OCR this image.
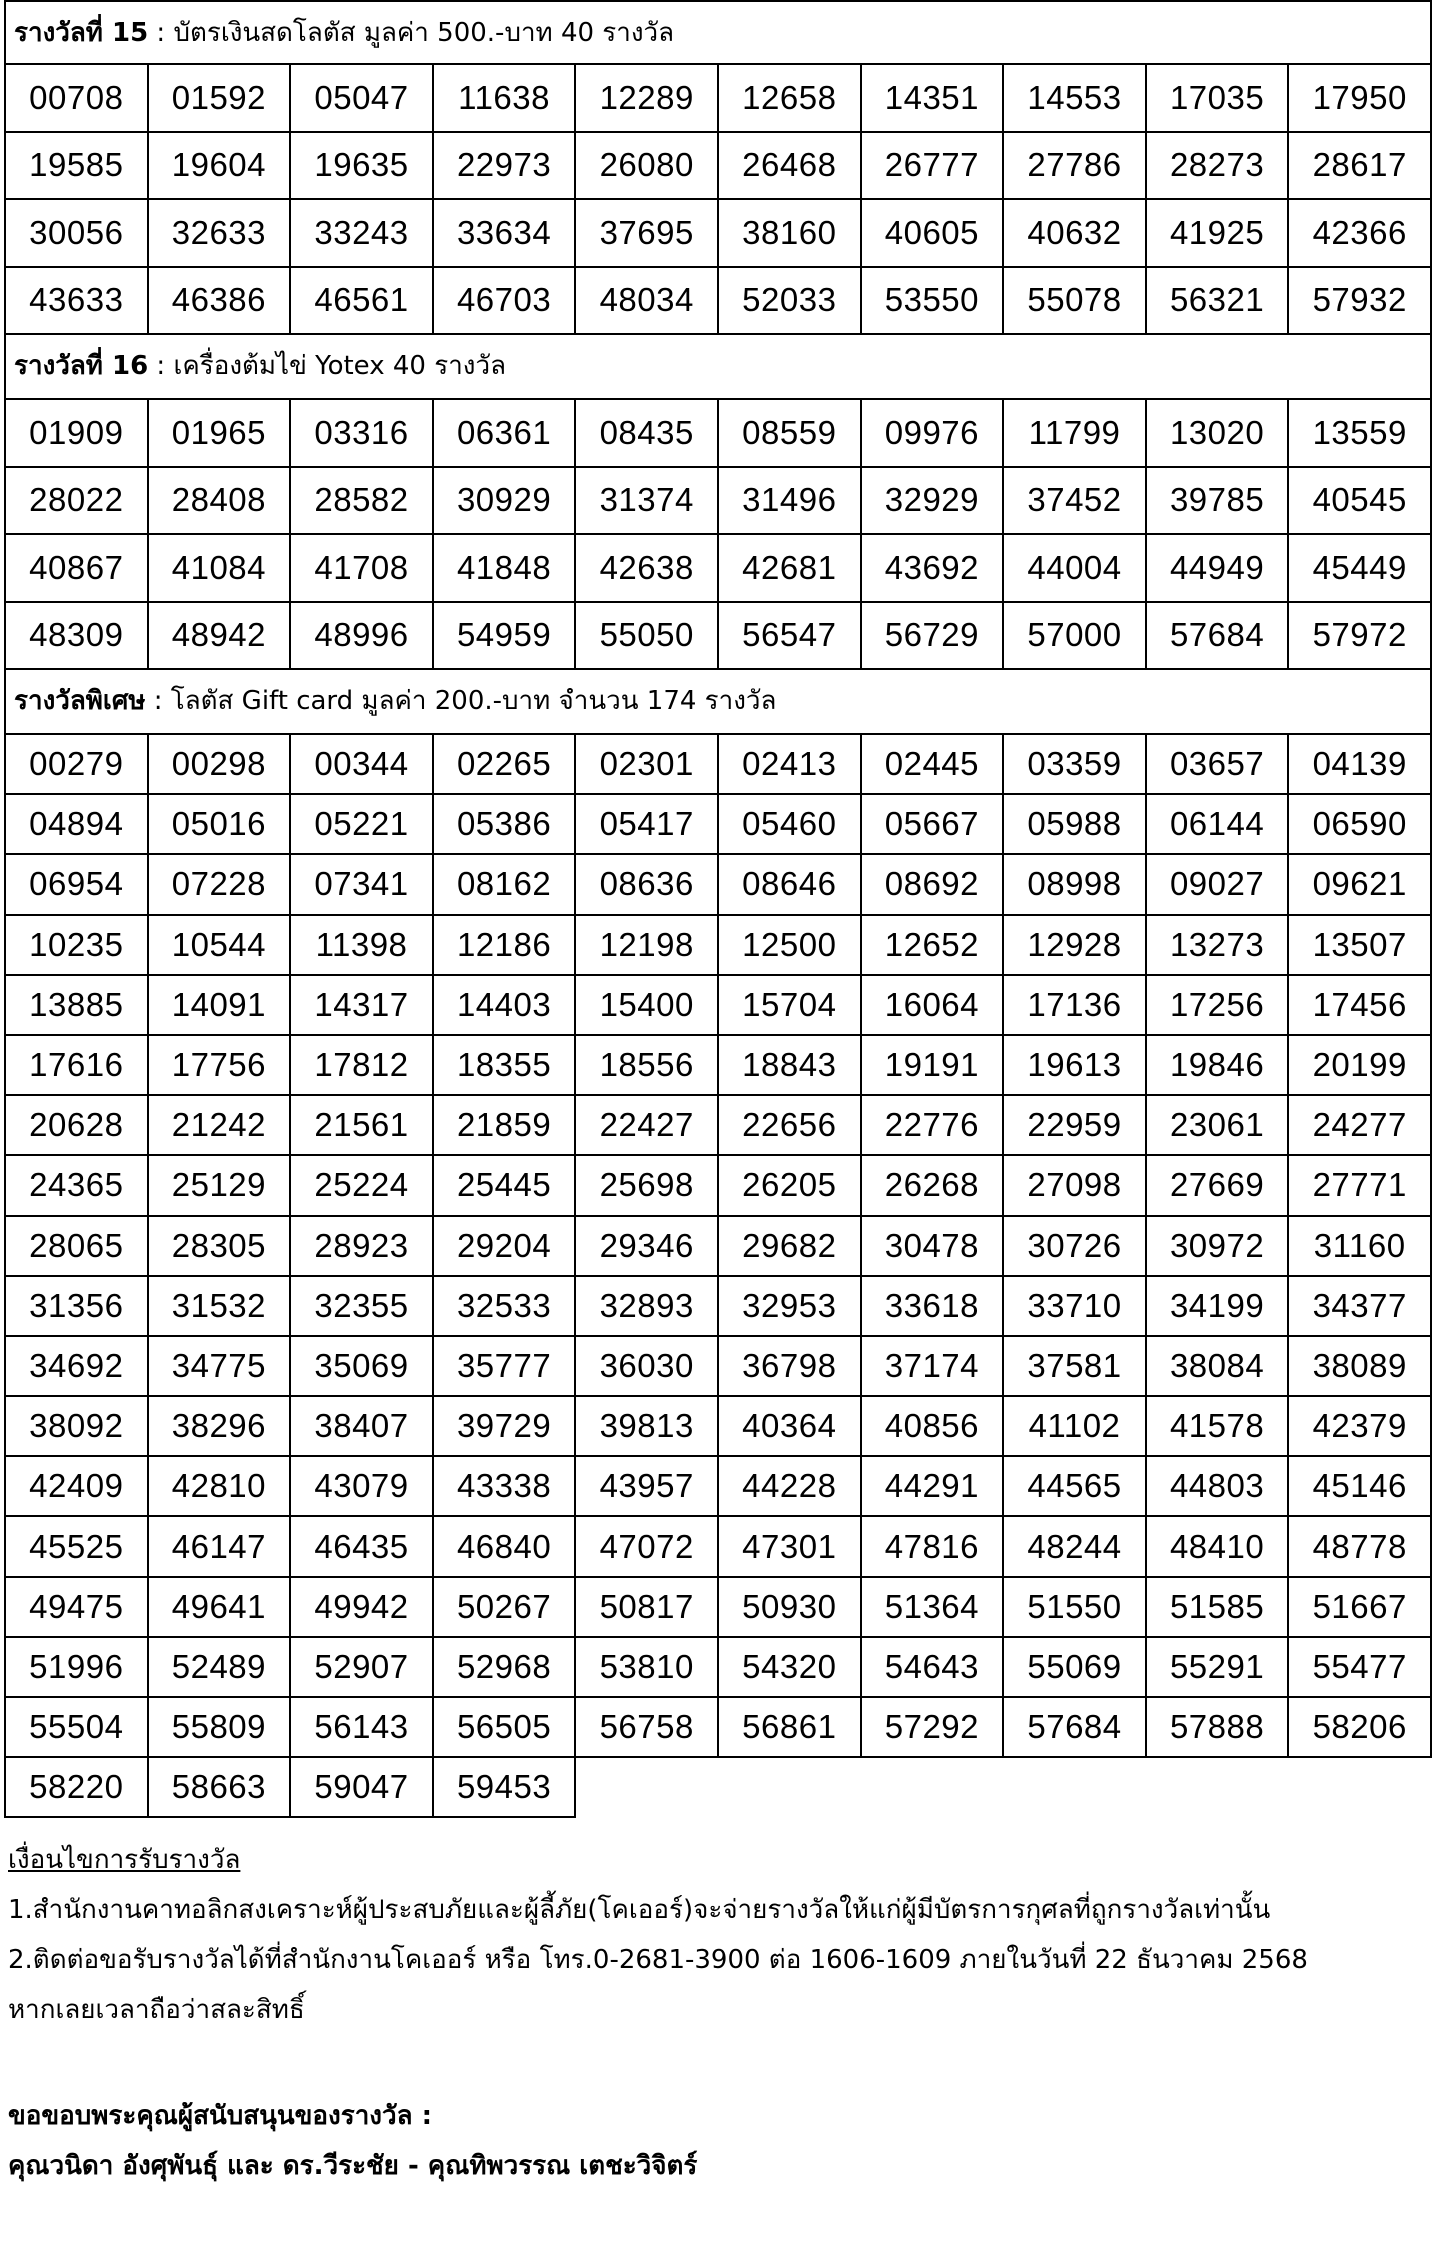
รางวัลที่ 15 : บัตรเงินสดโลตัส มูลค่า 500.-บาท 40 รางวัล
00708	01592	05047	11638	12289	12658	14351	14553	17035	17950
19585	19604	19635	22973	26080	26468	26777	27786	28273	28617
30056	32633	33243	33634	37695	38160	40605	40632	41925	42366
43633	46386	46561	46703	48034	52033	53550	55078	56321	57932
รางวัลที่ 16 : เครื่องต้มไข่ Yotex 40 รางวัล
01909	01965	03316	06361	08435	08559	09976	11799	13020	13559
28022	28408	28582	30929	31374	31496	32929	37452	39785	40545
40867	41084	41708	41848	42638	42681	43692	44004	44949	45449
48309	48942	48996	54959	55050	56547	56729	57000	57684	57972
รางวัลพิเศษ : โลตัส Gift card มูลค่า 200.-บาท จำนวน 174 รางวัล
00279	00298	00344	02265	02301	02413	02445	03359	03657	04139
04894	05016	05221	05386	05417	05460	05667	05988	06144	06590
06954	07228	07341	08162	08636	08646	08692	08998	09027	09621
10235	10544	11398	12186	12198	12500	12652	12928	13273	13507
13885	14091	14317	14403	15400	15704	16064	17136	17256	17456
17616	17756	17812	18355	18556	18843	19191	19613	19846	20199
20628	21242	21561	21859	22427	22656	22776	22959	23061	24277
24365	25129	25224	25445	25698	26205	26268	27098	27669	27771
28065	28305	28923	29204	29346	29682	30478	30726	30972	31160
31356	31532	32355	32533	32893	32953	33618	33710	34199	34377
34692	34775	35069	35777	36030	36798	37174	37581	38084	38089
38092	38296	38407	39729	39813	40364	40856	41102	41578	42379
42409	42810	43079	43338	43957	44228	44291	44565	44803	45146
45525	46147	46435	46840	47072	47301	47816	48244	48410	48778
49475	49641	49942	50267	50817	50930	51364	51550	51585	51667
51996	52489	52907	52968	53810	54320	54643	55069	55291	55477
55504	55809	56143	56505	56758	56861	57292	57684	57888	58206
58220	58663	59047	59453
เงื่อนไขการรับรางวัล
1.สำนักงานคาทอลิกสงเคราะห์ผู้ประสบภัยและผู้ลี้ภัย(โคเออร์)จะจ่ายรางวัลให้แก่ผู้มีบัตรการกุศลที่ถูกรางวัลเท่านั้น
2.ติดต่อขอรับรางวัลได้ที่สำนักงานโคเออร์ หรือ โทร.0-2681-3900 ต่อ 1606-1609 ภายในวันที่ 22 ธันวาคม 2568
หากเลยเวลาถือว่าสละสิทธิ์
ขอขอบพระคุณผู้สนับสนุนของรางวัล :
คุณวนิดา อังศุพันธุ์ และ ดร.วีระชัย - คุณทิพวรรณ เตชะวิจิตร์
